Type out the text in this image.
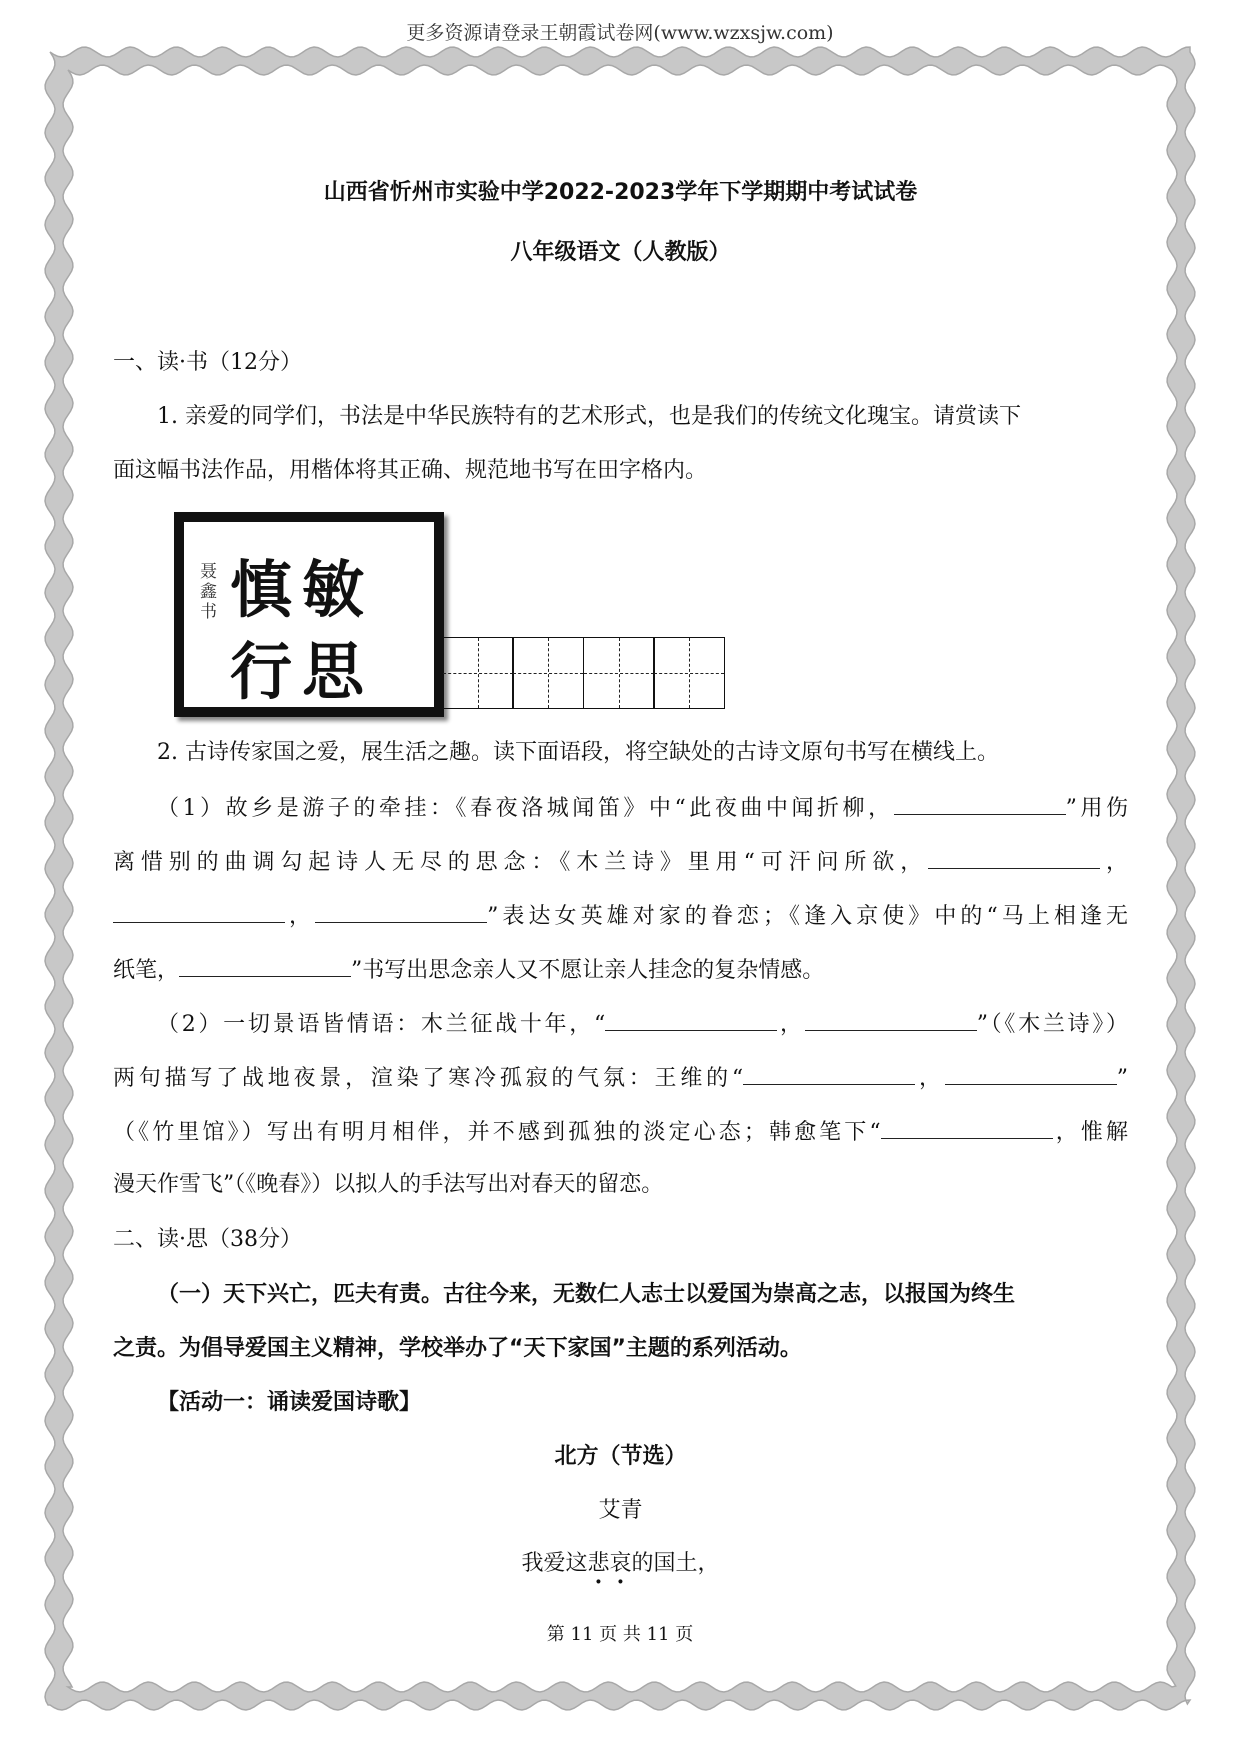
更多资源请登录王朝霞试卷网(www.wzxsjw.com)
山西省忻州市实验中学2022-2023学年下学期期中考试试卷
八年级语文（人教版）
一、读·书（12分）
1. 亲爱的同学们，书法是中华民族特有的艺术形式，也是我们的传统文化瑰宝。请赏读下
面这幅书法作品，用楷体将其正确、规范地书写在田字格内。
2. 古诗传家国之爱，展生活之趣。读下面语段，将空缺处的古诗文原句书写在横线上。
（1）故乡是游子的牵挂：《春夜洛城闻笛》中“此夜曲中闻折柳，	”用伤
离惜别的曲调勾起诗人无尽的思念：《木兰诗》里用“可汗问所欲，	，
，	”表达女英雄对家的眷恋；《逢入京使》中的“马上相逢无
纸笔，	”书写出思念亲人又不愿让亲人挂念的复杂情感。
（2）一切景语皆情语：木兰征战十年，“	，	”（《木兰诗》）
两句描写了战地夜景，渲染了寒冷孤寂的气氛：王维的“	，	”
（《竹里馆》）写出有明月相伴，并不感到孤独的淡定心态；韩愈笔下“	，惟解
漫天作雪飞”（《晚春》）以拟人的手法写出对春天的留恋。
二、读·思（38分）
（一）天下兴亡，匹夫有责。古往今来，无数仁人志士以爱国为崇高之志，以报国为终生
之责。为倡导爱国主义精神，学校举办了“天下家国”主题的系列活动。
【活动一：诵读爱国诗歌】
北方（节选）
艾青
我爱这悲哀的国土，
敏
思
慎
行
聂鑫书
第 11 页 共 11 页
